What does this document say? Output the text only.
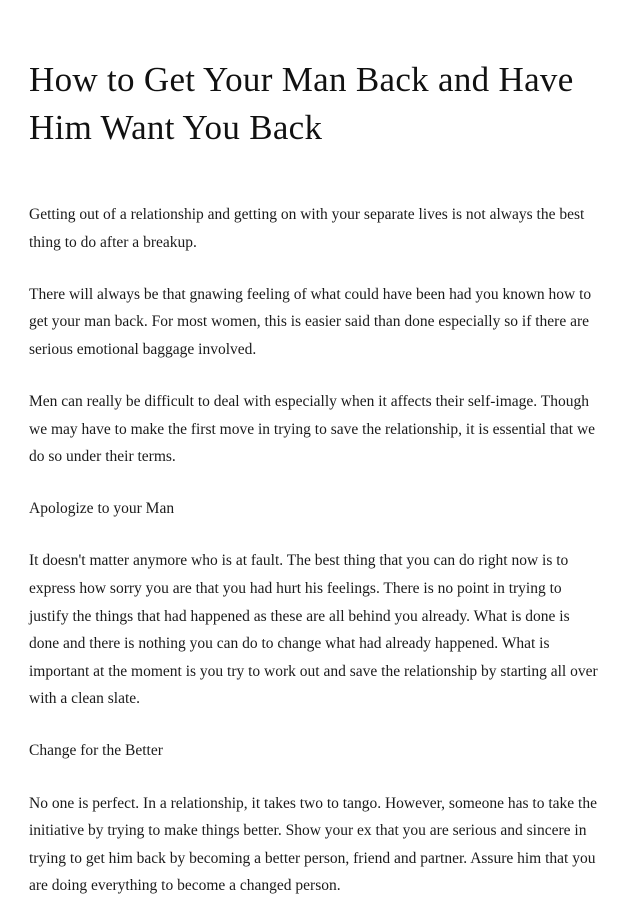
How to Get Your Man Back and Have Him Want You Back

Getting out of a relationship and getting on with your separate lives is not always the best thing to do after a breakup.

There will always be that gnawing feeling of what could have been had you known how to get your man back. For most women, this is easier said than done especially so if there are serious emotional baggage involved.

Men can really be difficult to deal with especially when it affects their self-image. Though we may have to make the first move in trying to save the relationship, it is essential that we do so under their terms.

Apologize to your Man

It doesn't matter anymore who is at fault. The best thing that you can do right now is to express how sorry you are that you had hurt his feelings. There is no point in trying to justify the things that had happened as these are all behind you already. What is done is done and there is nothing you can do to change what had already happened. What is important at the moment is you try to work out and save the relationship by starting all over with a clean slate.

Change for the Better

No one is perfect. In a relationship, it takes two to tango. However, someone has to take the initiative by trying to make things better. Show your ex that you are serious and sincere in trying to get him back by becoming a better person, friend and partner. Assure him that you are doing everything to become a changed person.
